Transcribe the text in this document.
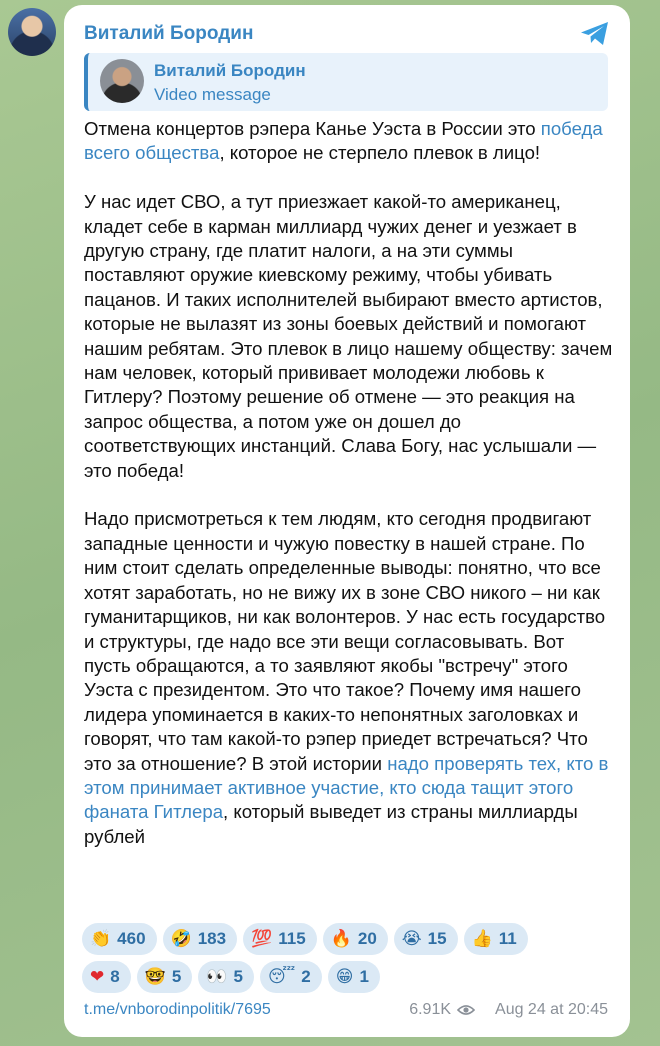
Виталий Бородин
Виталий Бородин
Video message

Отмена концертов рэпера Канье Уэста в России это победа всего общества, которое не стерпело плевок в лицо!

У нас идет СВО, а тут приезжает какой-то американец, кладет себе в карман миллиард чужих денег и уезжает в другую страну, где платит налоги, а на эти суммы поставляют оружие киевскому режиму, чтобы убивать пацанов. И таких исполнителей выбирают вместо артистов, которые не вылазят из зоны боевых действий и помогают нашим ребятам. Это плевок в лицо нашему обществу: зачем нам человек, который прививает молодежи любовь к Гитлеру? Поэтому решение об отмене — это реакция на запрос общества, а потом уже он дошел до соответствующих инстанций. Слава Богу, нас услышали — это победа!

Надо присмотреться к тем людям, кто сегодня продвигают западные ценности и чужую повестку в нашей стране. По ним стоит сделать определенные выводы: понятно, что все хотят заработать, но не вижу их в зоне СВО никого – ни как гуманитарщиков, ни как волонтеров. У нас есть государство и структуры, где надо все эти вещи согласовывать. Вот пусть обращаются, а то заявляют якобы "встречу" этого Уэста с президентом. Это что такое? Почему имя нашего лидера упоминается в каких-то непонятных заголовках и говорят, что там какой-то рэпер приедет встречаться? Что это за отношение? В этой истории надо проверять тех, кто в этом принимает активное участие, кто сюда тащит этого фаната Гитлера, который выведет из страны миллиарды рублей

👏 460 🤣 183 💯 115 🔥 20 😭 15 👍 11
❤ 8 🤓 5 👀 5 😴 2 😁 1
t.me/vnborodinpolitik/7695	6.91K	Aug 24 at 20:45
